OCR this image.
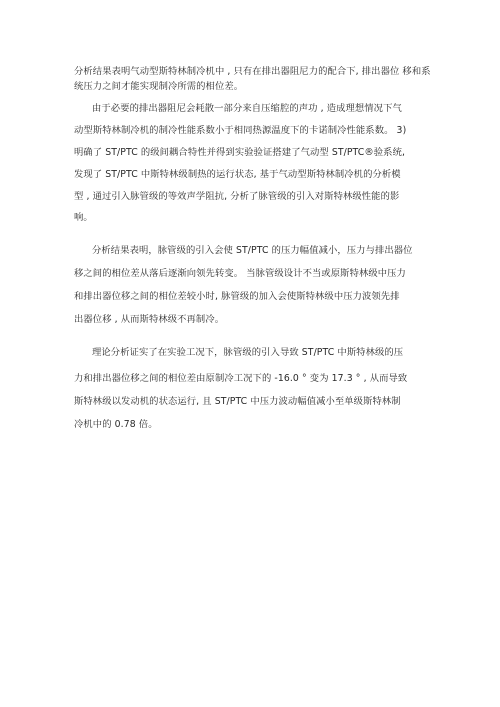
分析结果表明气动型斯特林制冷机中 , 只有在排出器阻尼力的配合下, 排出器位 移和系
统压力之间才能实现制冷所需的相位差。
由于必要的排出器阻尼会耗散一部分来自压缩腔的声功 , 造成理想情况下气
动型斯特林制冷机的制冷性能系数小于相同热源温度下的卡诺制冷性能系数。 3)
明确了 ST/PTC 的级间耦合特性并得到实验验证搭建了气动型 ST/PTC®验系统,
发现了 ST/PTC 中斯特林级制热的运行状态, 基于气动型斯特林制冷机的分析模
型 , 通过引入脉管级的等效声学阻抗, 分析了脉管级的引入对斯特林级性能的影
响。
分析结果表明，脉管级的引入会使 ST/PTC 的压力幅值减小，压力与排出器位
移之间的相位差从落后逐渐向领先转变。 当脉管级设计不当或原斯特林级中压力
和排出器位移之间的相位差较小时, 脉管级的加入会使斯特林级中压力波领先排
出器位移 , 从而斯特林级不再制冷。
理论分析证实了在实验工况下，脉管级的引入导致 ST/PTC 中斯特林级的压
力和排出器位移之间的相位差由原制冷工况下的 -16.0 ° 变为 17.3 ° , 从而导致
斯特林级以发动机的状态运行, 且 ST/PTC 中压力波动幅值减小至单级斯特林制
冷机中的 0.78 倍。
